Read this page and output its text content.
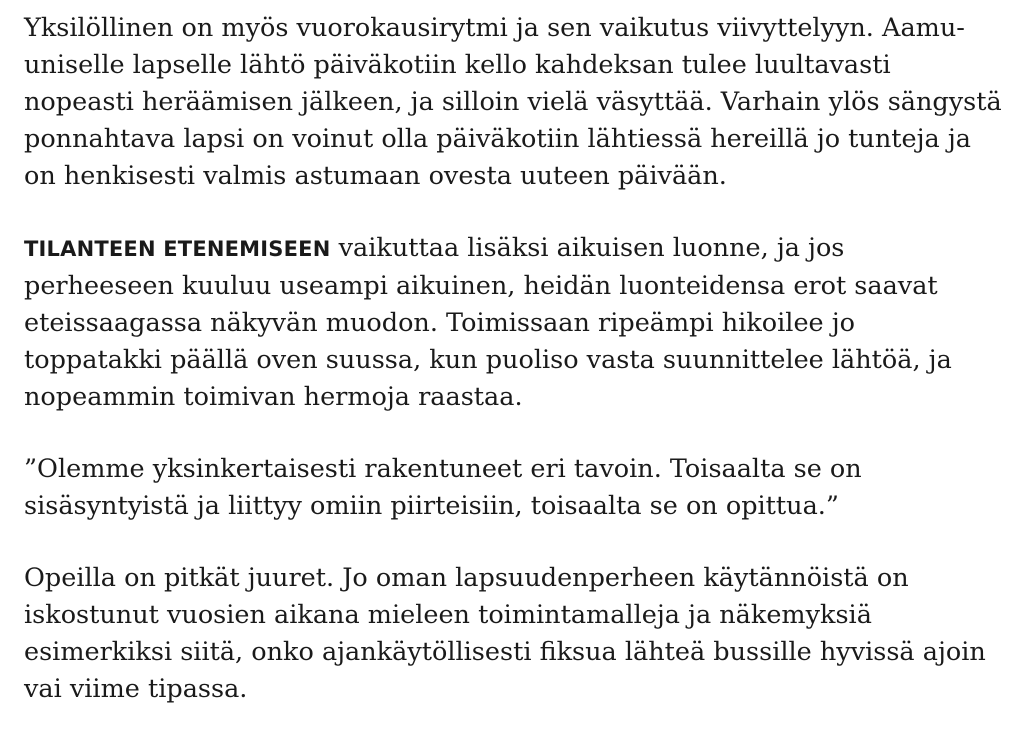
Yksilöllinen on myös vuorokausirytmi ja sen vaikutus viivyttelyyn. Aamu-
uniselle lapselle lähtö päiväkotiin kello kahdeksan tulee luultavasti
nopeasti heräämisen jälkeen, ja silloin vielä väsyttää. Varhain ylös sängystä
ponnahtava lapsi on voinut olla päiväkotiin lähtiessä hereillä jo tunteja ja
on henkisesti valmis astumaan ovesta uuteen päivään.

TILANTEEN ETENEMISEEN vaikuttaa lisäksi aikuisen luonne, ja jos
perheeseen kuuluu useampi aikuinen, heidän luonteidensa erot saavat
eteissaagassa näkyvän muodon. Toimissaan ripeämpi hikoilee jo
toppatakki päällä oven suussa, kun puoliso vasta suunnittelee lähtöä, ja
nopeammin toimivan hermoja raastaa.

”Olemme yksinkertaisesti rakentuneet eri tavoin. Toisaalta se on
sisäsyntyistä ja liittyy omiin piirteisiin, toisaalta se on opittua.”

Opeilla on pitkät juuret. Jo oman lapsuudenperheen käytännöistä on
iskostunut vuosien aikana mieleen toimintamalleja ja näkemyksiä
esimerkiksi siitä, onko ajankäytöllisesti fiksua lähteä bussille hyvissä ajoin
vai viime tipassa.
